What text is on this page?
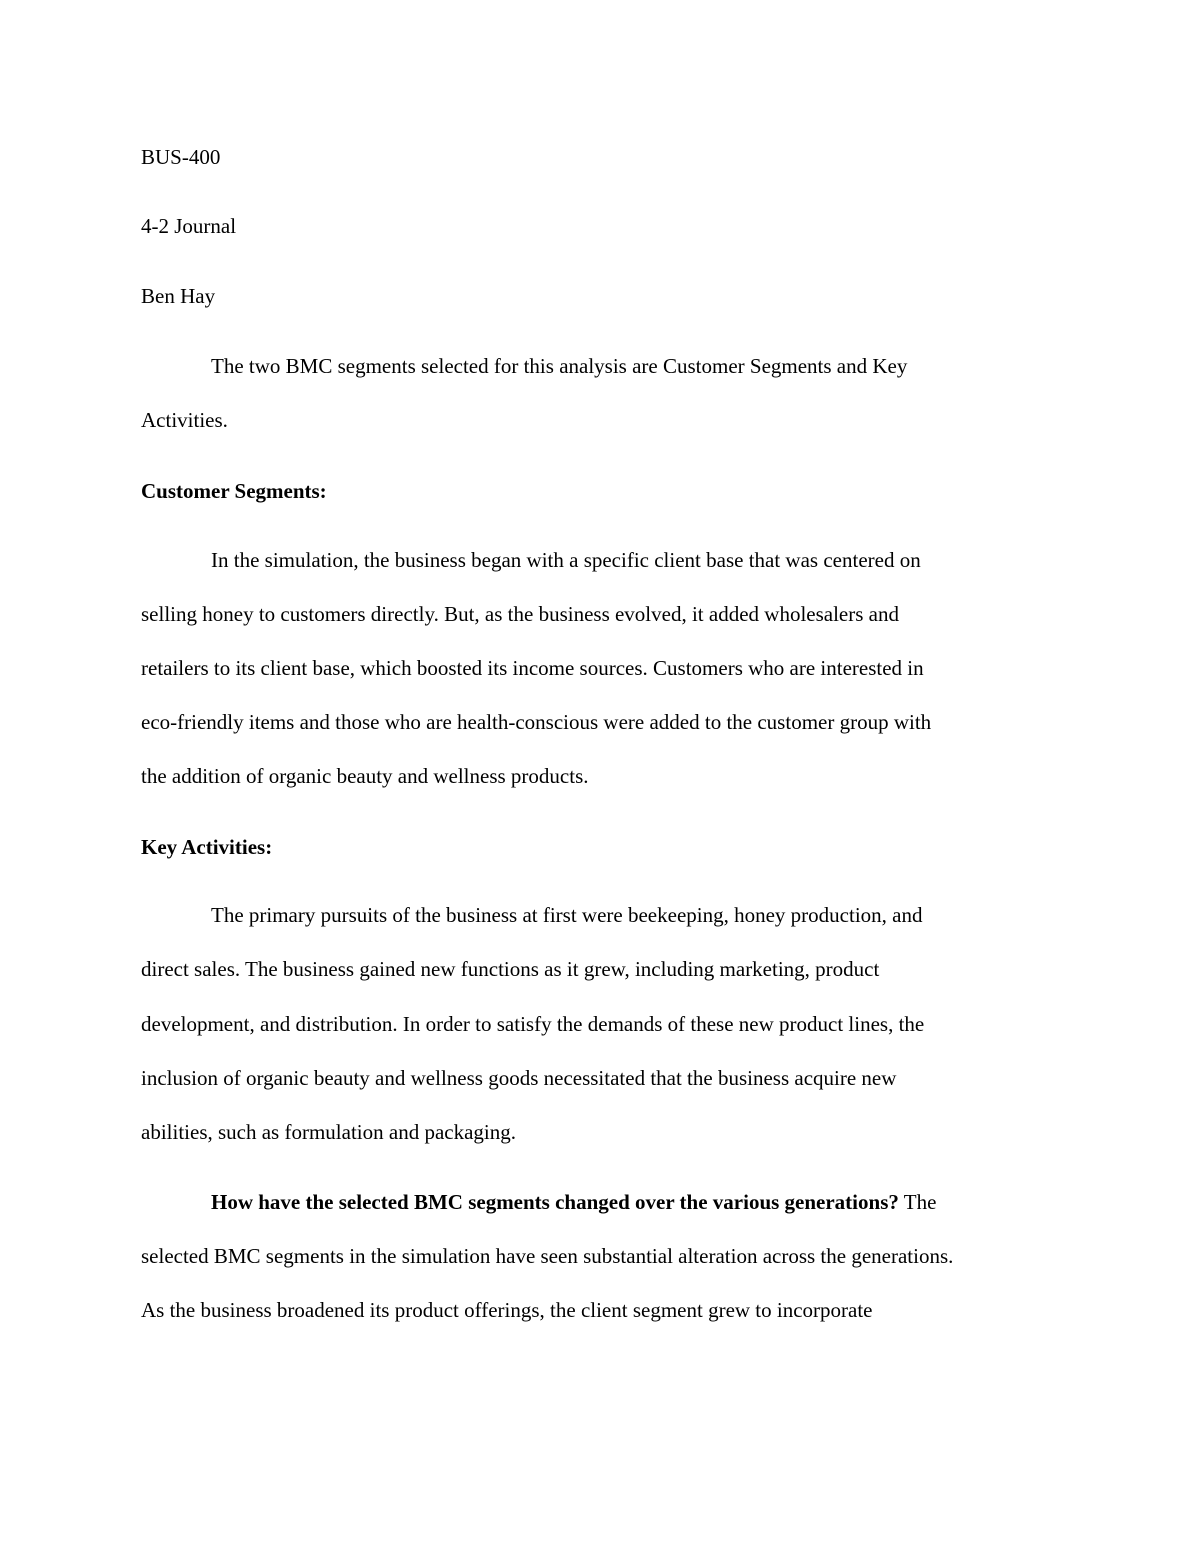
BUS-400
4-2 Journal
Ben Hay
The two BMC segments selected for this analysis are Customer Segments and Key
Activities.
Customer Segments:
In the simulation, the business began with a specific client base that was centered on
selling honey to customers directly. But, as the business evolved, it added wholesalers and
retailers to its client base, which boosted its income sources. Customers who are interested in
eco-friendly items and those who are health-conscious were added to the customer group with
the addition of organic beauty and wellness products.
Key Activities:
The primary pursuits of the business at first were beekeeping, honey production, and
direct sales. The business gained new functions as it grew, including marketing, product
development, and distribution. In order to satisfy the demands of these new product lines, the
inclusion of organic beauty and wellness goods necessitated that the business acquire new
abilities, such as formulation and packaging.
How have the selected BMC segments changed over the various generations? The
selected BMC segments in the simulation have seen substantial alteration across the generations.
As the business broadened its product offerings, the client segment grew to incorporate
